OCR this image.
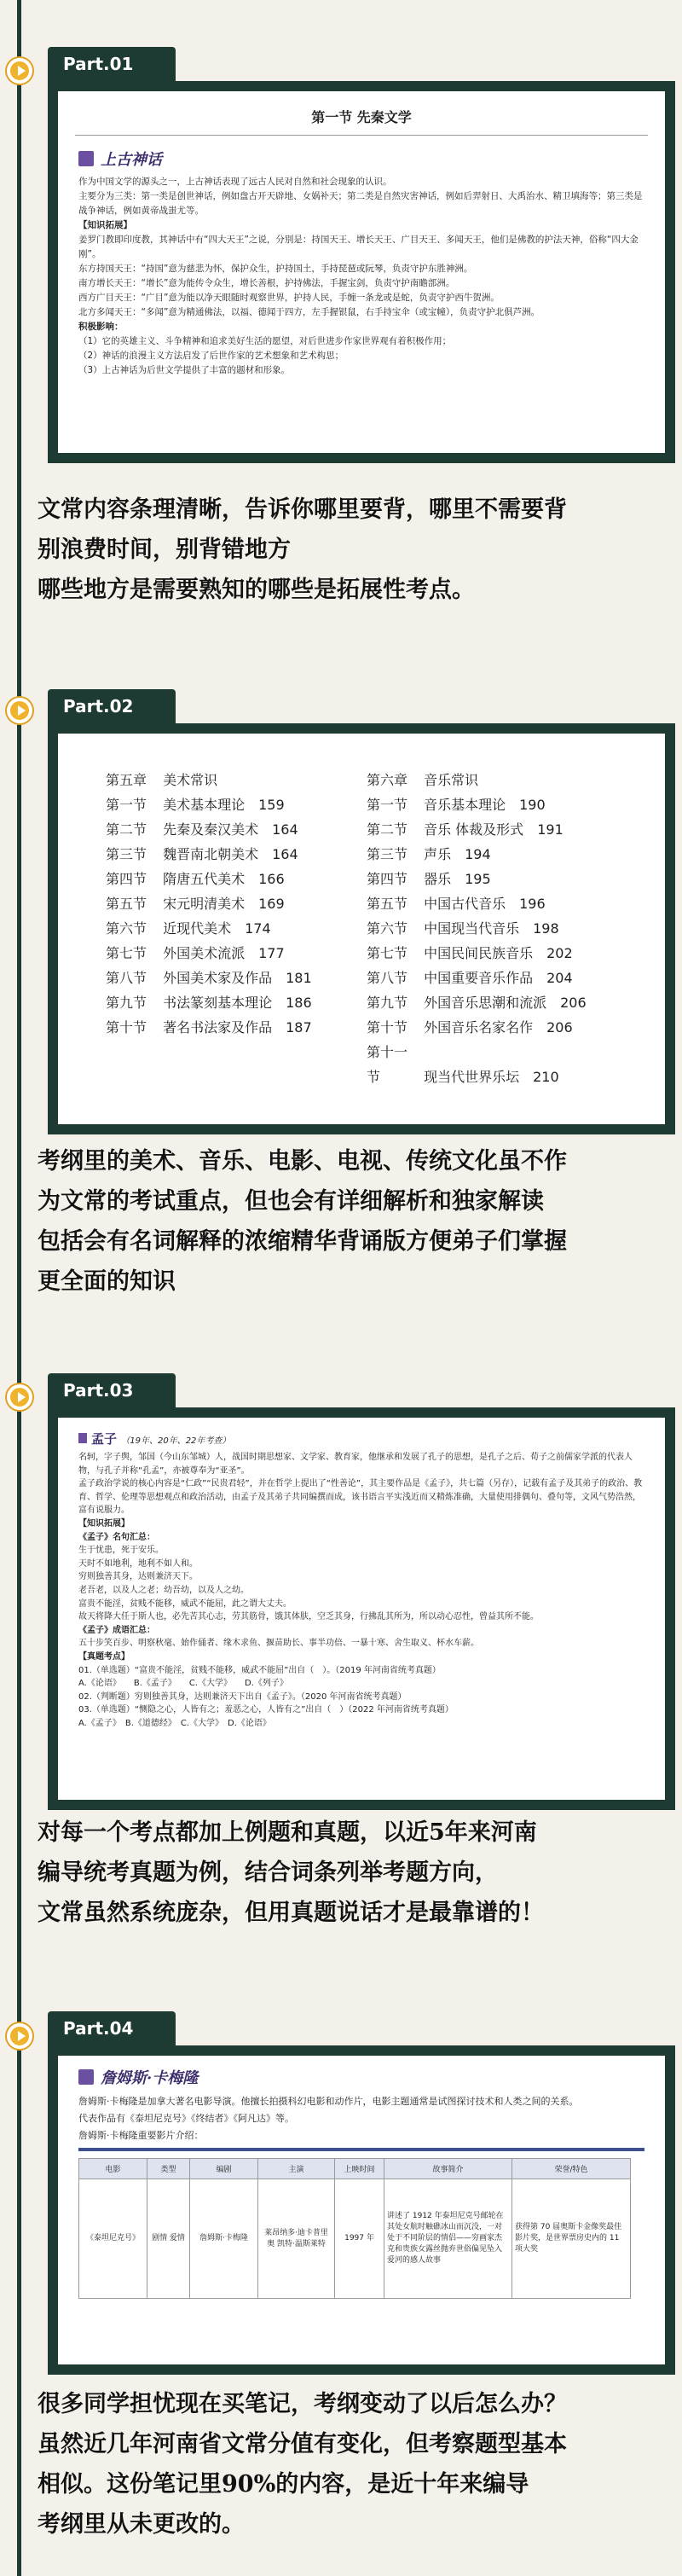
Part.01
第一节 先秦文学
上古神话

作为中国文学的源头之一，上古神话表现了远古人民对自然和社会现象的认识。

主要分为三类：第一类是创世神话，例如盘古开天辟地、女娲补天；第二类是自然灾害神话，例如后羿射日、大禹治水、精卫填海等；第三类是战争神话，例如黄帝战蚩尤等。

【知识拓展】

姜罗门教即印度教，其神话中有“四大天王”之说，分别是：持国天王、增长天王、广目天王、多闻天王，他们是佛教的护法天神，俗称“四大金刚”。

东方持国天王：“持国”意为慈悲为怀，保护众生，护持国土，手持琵琶或阮琴，负责守护东胜神洲。

南方增长天王：“增长”意为能传令众生，增长善根，护持佛法，手握宝剑，负责守护南瞻部洲。

西方广目天王：“广目”意为能以净天眼随时观察世界，护持人民，手缠一条龙或是蛇，负责守护西牛贺洲。

北方多闻天王：“多闻”意为精通佛法，以福、德闻于四方，左手握银鼠，右手持宝伞（或宝幢），负责守护北俱芦洲。

积极影响：

（1）它的英雄主义、斗争精神和追求美好生活的愿望，对后世进步作家世界观有着积极作用；

（2）神话的浪漫主义方法启发了后世作家的艺术想象和艺术构思；

（3）上古神话为后世文学提供了丰富的题材和形象。

文常内容条理清晰，告诉你哪里要背，哪里不需要背
别浪费时间，别背错地方
哪些地方是需要熟知的哪些是拓展性考点。
Part.02
第五章 美术常识
第一节 美术基本理论　 159
第二节 先秦及秦汉美术　 164
第三节 魏晋南北朝美术　 164
第四节 隋唐五代美术　 166
第五节 宋元明清美术　 169
第六节 近现代美术　 174
第七节 外国美术流派　 177
第八节 外国美术家及作品　 181
第九节 书法篆刻基本理论　 186
第十节 著名书法家及作品　 187
第六章 音乐常识
第一节 音乐基本理论　 190
第二节 音乐 体裁及形式　 191
第三节 声乐　 194
第四节 器乐　 195
第五节 中国古代音乐　 196
第六节 中国现当代音乐　 198
第七节 中国民间民族音乐　 202
第八节 中国重要音乐作品　 204
第九节 外国音乐思潮和流派　 206
第十节 外国音乐名家名作　 206
第十一节	现当代世界乐坛　 210
考纲里的美术、音乐、电影、电视、传统文化虽不作
为文常的考试重点，但也会有详细解析和独家解读
包括会有名词解释的浓缩精华背诵版方便弟子们掌握
更全面的知识
Part.03
孟子 （19年、20年、22年考查）

名轲，字子舆，邹国（今山东邹城）人，战国时期思想家、文学家、教育家，他继承和发展了孔子的思想，是孔子之后、荀子之前儒家学派的代表人物，与孔子并称“孔孟”，亦被尊奉为“亚圣”。

孟子政治学说的核心内容是“仁政”“民贵君轻”，并在哲学上提出了“性善论”，其主要作品是《孟子》，共七篇（另存），记载有孟子及其弟子的政治、教育、哲学、伦理等思想观点和政治活动，由孟子及其弟子共同编撰而成，该书语言平实浅近而又精炼准确，大量使用排偶句、叠句等，文风气势浩然，富有说服力。

【知识拓展】

《孟子》名句汇总：

生于忧患，死于安乐。

天时不如地利，地利不如人和。

穷则独善其身，达则兼济天下。

老吾老，以及人之老；幼吾幼，以及人之幼。

富贵不能淫，贫贱不能移，威武不能屈，此之谓大丈夫。

故天将降大任于斯人也，必先苦其心志，劳其筋骨，饿其体肤，空乏其身，行拂乱其所为，所以动心忍性，曾益其所不能。

《孟子》成语汇总：

五十步笑百步、明察秋毫、始作俑者、缘木求鱼、揠苗助长、事半功倍、一暴十寒、舍生取义、杯水车薪。

【真题考点】

01.（单选题）“富贵不能淫，贫贱不能移，威武不能屈”出自（　）。（2019 年河南省统考真题）

A.《论语》　　B.《孟子》　　C.《大学》　　D.《列子》

02.（判断题）穷则独善其身，达则兼济天下出自《孟子》。（2020 年河南省统考真题）

03.（单选题）“恻隐之心，人皆有之；羞恶之心，人皆有之”出自（　）（2022 年河南省统考真题）

A.《孟子》　B.《道德经》　C.《大学》　D.《论语》

对每一个考点都加上例题和真题，以近5年来河南
编导统考真题为例，结合词条列举考题方向，
文常虽然系统庞杂，但用真题说话才是最靠谱的！
Part.04
詹姆斯·卡梅隆

詹姆斯·卡梅隆是加拿大著名电影导演。他擅长拍摄科幻电影和动作片，电影主题通常是试图探讨技术和人类之间的关系。

代表作品有《泰坦尼克号》《终结者》《阿凡达》等。

詹姆斯·卡梅隆重要影片介绍：

电影	类型	编剧	主演	上映时间	故事简介	荣誉/特色
《泰坦尼克号》	剧情 爱情	詹姆斯·卡梅隆	莱昂纳多·迪卡普里奥 凯特·温斯莱特	1997 年	讲述了 1912 年泰坦尼克号邮轮在其处女航时触礁冰山而沉没，一对处于不同阶层的情侣——穷画家杰克和贵族女露丝抛弃世俗偏见坠入爱河的感人故事	获得第 70 届奥斯卡金像奖最佳影片奖，是世界票房史内的 11 项大奖
很多同学担忧现在买笔记，考纲变动了以后怎么办？
虽然近几年河南省文常分值有变化，但考察题型基本
相似。这份笔记里90%的内容，是近十年来编导
考纲里从未更改的。
